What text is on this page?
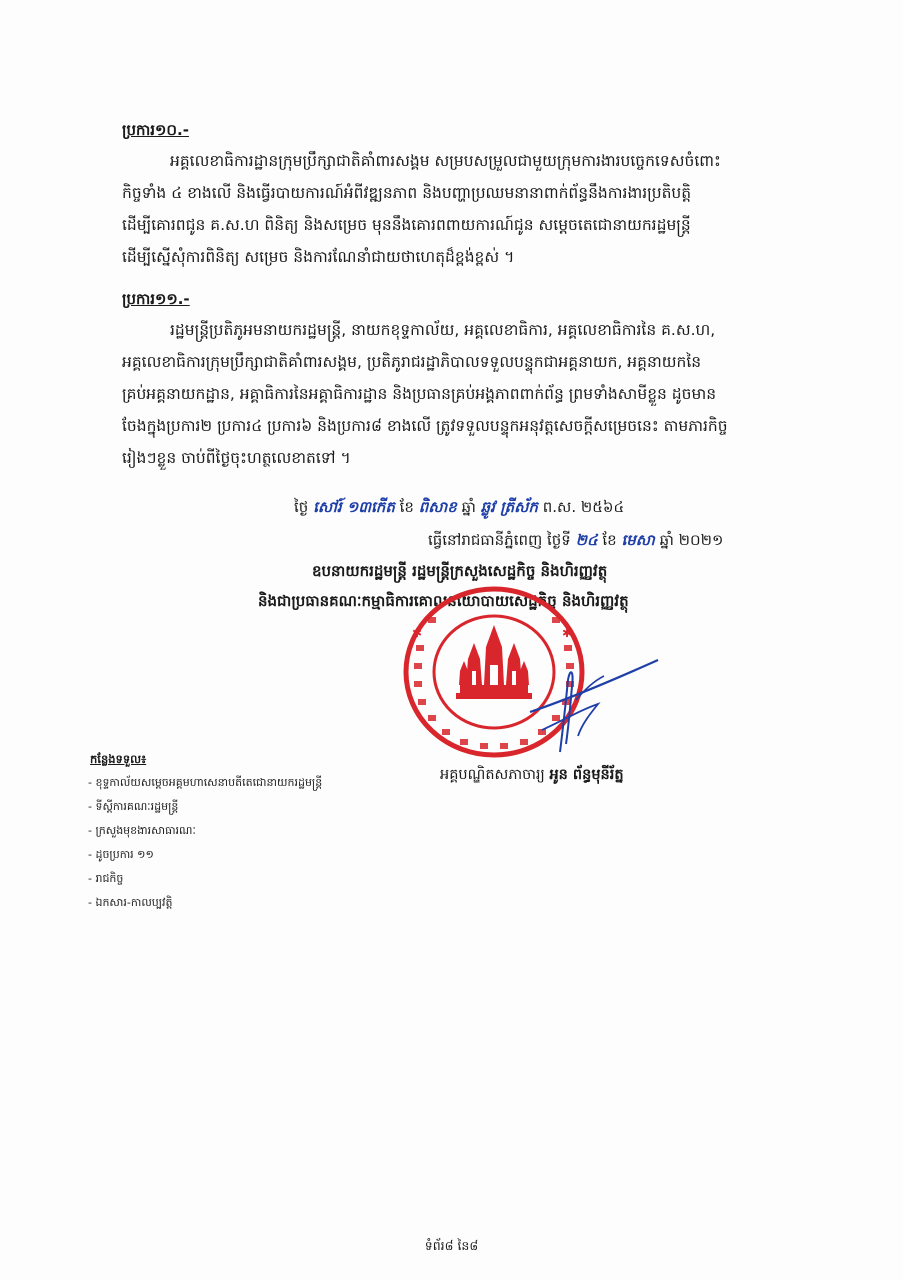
ប្រការ១០.-
អគ្គលេខាធិការដ្ឋានក្រុមប្រឹក្សាជាតិគាំពារសង្គម សម្របសម្រួលជាមួយក្រុមការងារបច្ចេកទេសចំពោះ
កិច្ចទាំង ៤ ខាងលើ និងធ្វើរបាយការណ៍អំពីវឌ្ឍនភាព និងបញ្ហាប្រឈមនានាពាក់ព័ន្ធនឹងការងារប្រតិបត្តិ
ដើម្បីគោរពជូន គ.ស.ហ ពិនិត្យ និងសម្រេច មុននឹងគោរពពាយការណ៍ជូន សម្តេចតេជោនាយករដ្ឋមន្ត្រី
ដើម្បីស្នើសុំការពិនិត្យ សម្រេច និងការណែនាំជាយថាហេតុដ៏ខ្ពង់ខ្ពស់ ។
ប្រការ១១.-
រដ្ឋមន្ត្រីប្រតិភូអមនាយករដ្ឋមន្ត្រី, នាយកខុទ្ទកាល័យ, អគ្គលេខាធិការ, អគ្គលេខាធិការនៃ គ.ស.ហ,
អគ្គលេខាធិការក្រុមប្រឹក្សាជាតិគាំពារសង្គម, ប្រតិភូរាជរដ្ឋាភិបាលទទួលបន្ទុកជាអគ្គនាយក, អគ្គនាយកនៃ
គ្រប់អគ្គនាយកដ្ឋាន, អគ្គាធិការនៃអគ្គាធិការដ្ឋាន និងប្រធានគ្រប់អង្គភាពពាក់ព័ន្ធ ព្រមទាំងសាមីខ្លួន ដូចមាន
ចែងក្នុងប្រការ២ ប្រការ៤ ប្រការ៦ និងប្រការ៨ ខាងលើ ត្រូវទទួលបន្ទុកអនុវត្តសេចក្តីសម្រេចនេះ តាមភារកិច្ច
រៀងៗខ្លួន ចាប់ពីថ្ងៃចុះហត្ថលេខាតទៅ ។
ថ្ងៃ សៅរ៍ ១៣កើត ខែ ពិសាខ ឆ្នាំ ឆ្លូវ ត្រីស័ក ព.ស. ២៥៦៤
ធ្វើនៅរាជធានីភ្នំពេញ ថ្ងៃទី ២៤ ខែ មេសា ឆ្នាំ ២០២១
ឧបនាយករដ្ឋមន្ត្រី រដ្ឋមន្ត្រីក្រសួងសេដ្ឋកិច្ច និងហិរញ្ញវត្ថុ
និងជាប្រធានគណៈកម្មាធិការគោលនយោបាយសេដ្ឋកិច្ច និងហិរញ្ញវត្ថុ
✱	✱
អគ្គបណ្ឌិតសភាចារ្យ អូន ព័ន្ធមុនីរ័ត្ន
កន្លែងទទួល៖
- ខុទ្ទកាល័យសម្តេចអគ្គមហាសេនាបតីតេជោនាយករដ្ឋមន្ត្រី
- ទីស្តីការគណៈរដ្ឋមន្ត្រី
- ក្រសួងមុខងារសាធារណៈ
- ដូចប្រការ ១១
- រាជកិច្ច
- ឯកសារ-កាលប្បវត្តិ
ទំព័រ៨ នៃ៨
